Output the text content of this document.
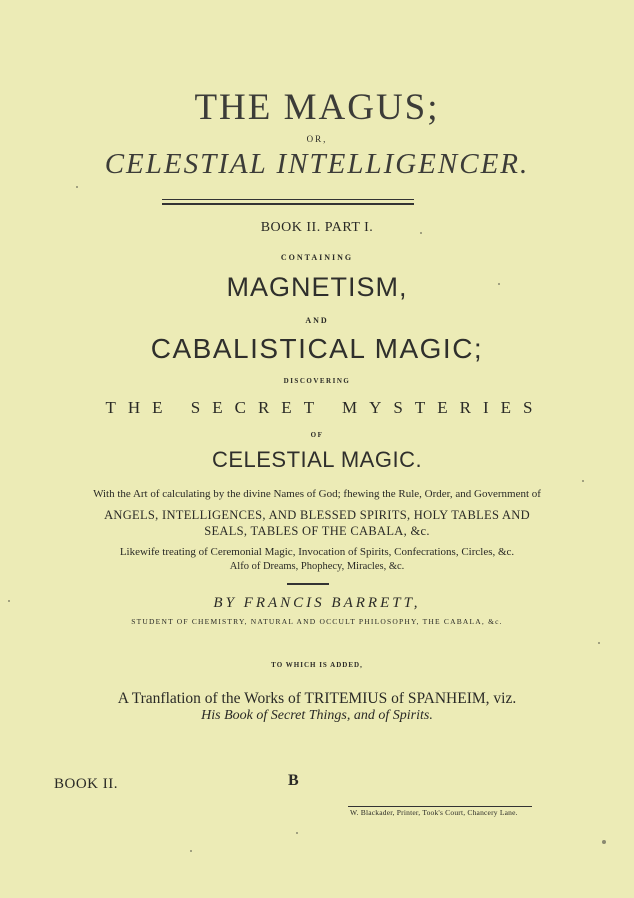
THE MAGUS;
OR,
CELESTIAL INTELLIGENCER.
BOOK II. PART I.
CONTAINING
MAGNETISM,
AND
CABALISTICAL MAGIC;
DISCOVERING
THE SECRET MYSTERIES
OF
CELESTIAL MAGIC.
With the Art of calculating by the divine Names of God; fhewing the Rule, Order, and Government of
ANGELS, INTELLIGENCES, AND BLESSED SPIRITS, HOLY TABLES AND
SEALS, TABLES OF THE CABALA, &c.
Likewife treating of Ceremonial Magic, Invocation of Spirits, Confecrations, Circles, &c.
Alfo of Dreams, Phophecy, Miracles, &c.
BY FRANCIS BARRETT,
STUDENT OF CHEMISTRY, NATURAL AND OCCULT PHILOSOPHY, THE CABALA, &c.
TO WHICH IS ADDED,
A Tranflation of the Works of TRITEMIUS of SPANHEIM, viz.
His Book of Secret Things, and of Spirits.
BOOK II.	B
W. Blackader, Printer, Took's Court, Chancery Lane.
